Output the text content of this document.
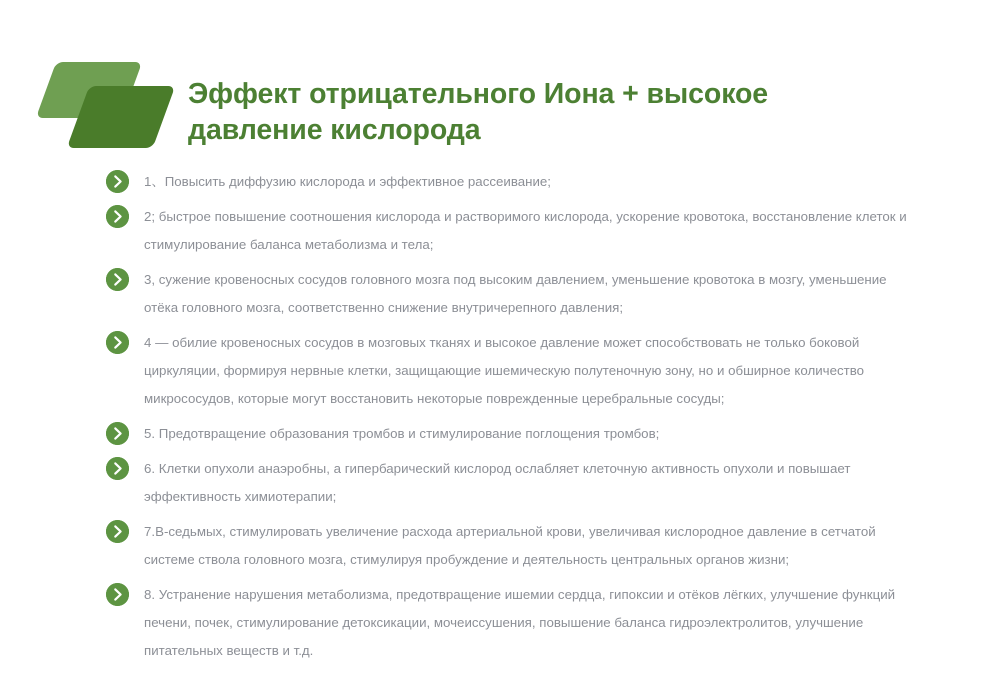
Эффект отрицательного Иона + высокое давление кислорода
1、Повысить диффузию кислорода и эффективное рассеивание;
2; быстрое повышение соотношения кислорода и растворимого кислорода, ускорение кровотока, восстановление клеток и стимулирование баланса метаболизма и тела;
3, сужение кровеносных сосудов головного мозга под высоким давлением, уменьшение кровотока в мозгу, уменьшение отёка головного мозга, соответственно снижение внутричерепного давления;
4 — обилие кровеносных сосудов в мозговых тканях и высокое давление может способствовать не только боковой циркуляции, формируя нервные клетки, защищающие ишемическую полутеночную зону, но и обширное количество микрососудов, которые могут восстановить некоторые поврежденные церебральные сосуды;
5. Предотвращение образования тромбов и стимулирование поглощения тромбов;
6. Клетки опухоли анаэробны, а гипербарический кислород ослабляет клеточную активность опухоли и повышает эффективность химиотерапии;
7.В-седьмых, стимулировать увеличение расхода артериальной крови, увеличивая кислородное давление в сетчатой системе ствола головного мозга, стимулируя пробуждение и деятельность центральных органов жизни;
8. Устранение нарушения метаболизма, предотвращение ишемии сердца, гипоксии и отёков лёгких, улучшение функций печени, почек, стимулирование детоксикации, мочеиссушения, повышение баланса гидроэлектролитов, улучшение питательных веществ и т.д.
